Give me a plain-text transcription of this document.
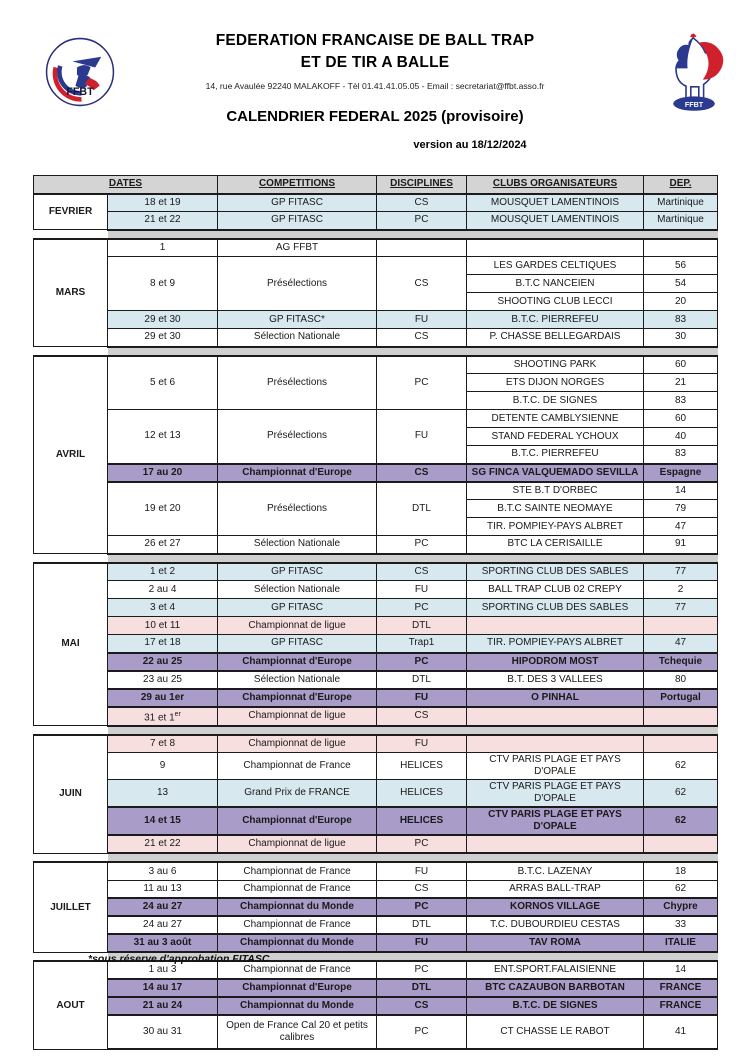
FFBT
FFBT
FEDERATION FRANCAISE DE BALL TRAP
ET DE TIR A BALLE
14, rue Avaulée 92240 MALAKOFF - Tèl 01.41.41.05.05 - Email : secretariat@ffbt.asso.fr
CALENDRIER FEDERAL 2025 (provisoire)
version au 18/12/2024
DATES		COMPETITIONS	DISCIPLINES	CLUBS ORGANISATEURS	DEP.
FEVRIER	18 et 19	GP FITASC	CS	MOUSQUET LAMENTINOIS	Martinique
	21 et 22	GP FITASC	PC	MOUSQUET LAMENTINOIS	Martinique

MARS	1	AG FFBT			
	8 et 9	Présélections	CS	LES GARDES CELTIQUES	56
				B.T.C NANCEIEN	54
				SHOOTING CLUB LECCI	20
	29 et 30	GP FITASC*	FU	B.T.C. PIERREFEU	83
	29 et 30	Sélection Nationale	CS	P. CHASSE BELLEGARDAIS	30

AVRIL	5 et 6	Présélections	PC	SHOOTING PARK	60
				ETS DIJON NORGES	21
				B.T.C. DE SIGNES	83
	12 et 13	Présélections	FU	DETENTE CAMBLYSIENNE	60
				STAND FEDERAL YCHOUX	40
				B.T.C. PIERREFEU	83
	17 au 20	Championnat d'Europe	CS	SG FINCA VALQUEMADO SEVILLA	Espagne
	19 et 20	Présélections	DTL	STE B.T D'ORBEC	14
				B.T.C SAINTE NEOMAYE	79
				TIR. POMPIEY-PAYS ALBRET	47
	26 et 27	Sélection Nationale	PC	BTC LA CERISAILLE	91

MAI	1 et 2	GP FITASC	CS	SPORTING CLUB DES SABLES	77
	2 au 4	Sélection Nationale	FU	BALL TRAP CLUB 02 CREPY	2
	3 et 4	GP FITASC	PC	SPORTING CLUB DES SABLES	77
	10 et 11	Championnat de ligue	DTL		
	17 et 18	GP FITASC	Trap1	TIR. POMPIEY-PAYS ALBRET	47
	22 au 25	Championnat d'Europe	PC	HIPODROM MOST	Tchequie
	23 au 25	Sélection Nationale	DTL	B.T. DES 3 VALLEES	80
	29 au 1er	Championnat d'Europe	FU	O PINHAL	Portugal
	31 et 1er	Championnat de ligue	CS		

JUIN	7 et 8	Championnat de ligue	FU		
	9	Championnat de France	HELICES	CTV PARIS PLAGE ET PAYS D'OPALE	62
	13	Grand Prix de FRANCE	HELICES	CTV PARIS PLAGE ET PAYS D'OPALE	62
	14 et 15	Championnat d'Europe	HELICES	CTV PARIS PLAGE ET PAYS D'OPALE	62
	21 et 22	Championnat de ligue	PC		

JUILLET	3 au 6	Championnat de France	FU	B.T.C. LAZENAY	18
	11 au 13	Championnat de France	CS	ARRAS BALL-TRAP	62
	24 au 27	Championnat du Monde	PC	KORNOS VILLAGE	Chypre
	24 au 27	Championnat de France	DTL	T.C. DUBOURDIEU CESTAS	33
	31 au 3 août	Championnat du Monde	FU	TAV ROMA	ITALIE

AOUT	1 au 3	Championnat de France	PC	ENT.SPORT.FALAISIENNE	14
	14 au 17	Championnat d'Europe	DTL	BTC CAZAUBON BARBOTAN	FRANCE
	21 au 24	Championnat du Monde	CS	B.T.C. DE SIGNES	FRANCE
	30 au 31	Open de France Cal 20 et petits calibres	PC	CT CHASSE LE RABOT	41
*sous réserve d'approbation FITASC
